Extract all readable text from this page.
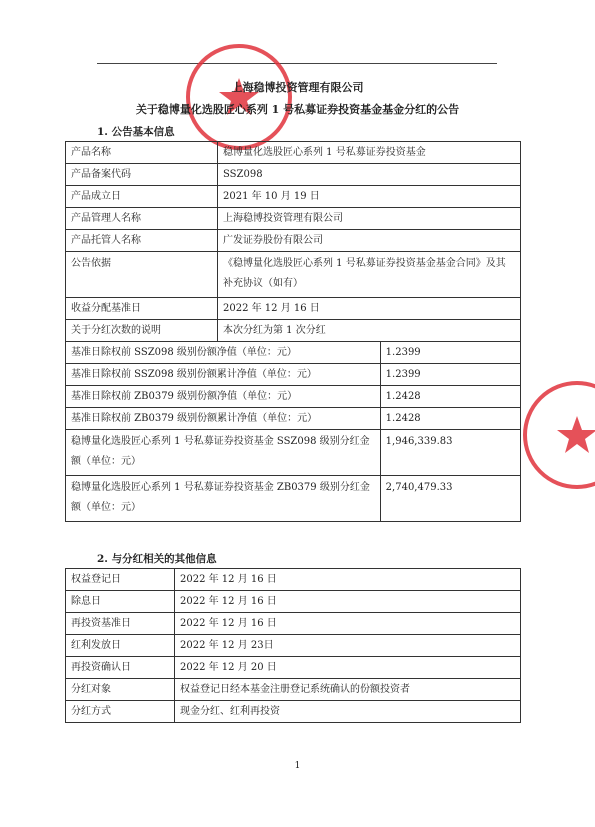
上海稳博投资管理有限公司
关于稳博量化选股匠心系列 1 号私募证券投资基金基金分红的公告
1. 公告基本信息
产品名称	稳博量化选股匠心系列 1 号私募证券投资基金	
产品备案代码	SSZ098	
产品成立日	2021 年 10 月 19 日	
产品管理人名称	上海稳博投资管理有限公司	
产品托管人名称	广发证券股份有限公司	
公告依据	《稳博量化选股匠心系列 1 号私募证券投资基金基金合同》及其补充协议（如有）	
收益分配基准日	2022 年 12 月 16 日	
关于分红次数的说明	本次分红为第 1 次分红	
基准日除权前 SSZ098 级别份额净值（单位：元）		1.2399
基准日除权前 SSZ098 级别份额累计净值（单位：元）		1.2399
基准日除权前 ZB0379 级别份额净值（单位：元）		1.2428
基准日除权前 ZB0379 级别份额累计净值（单位：元）		1.2428
稳博量化选股匠心系列 1 号私募证券投资基金 SSZ098 级别分红金额（单位：元）		1,946,339.83
稳博量化选股匠心系列 1 号私募证券投资基金 ZB0379 级别分红金额（单位：元）		2,740,479.33
2. 与分红相关的其他信息
权益登记日	2022 年 12 月 16 日
除息日	2022 年 12 月 16 日
再投资基准日	2022 年 12 月 16 日
红利发放日	2022 年 12 月 23日
再投资确认日	2022 年 12 月 20 日
分红对象	权益登记日经本基金注册登记系统确认的份额投资者
分红方式	现金分红、红利再投资
1
